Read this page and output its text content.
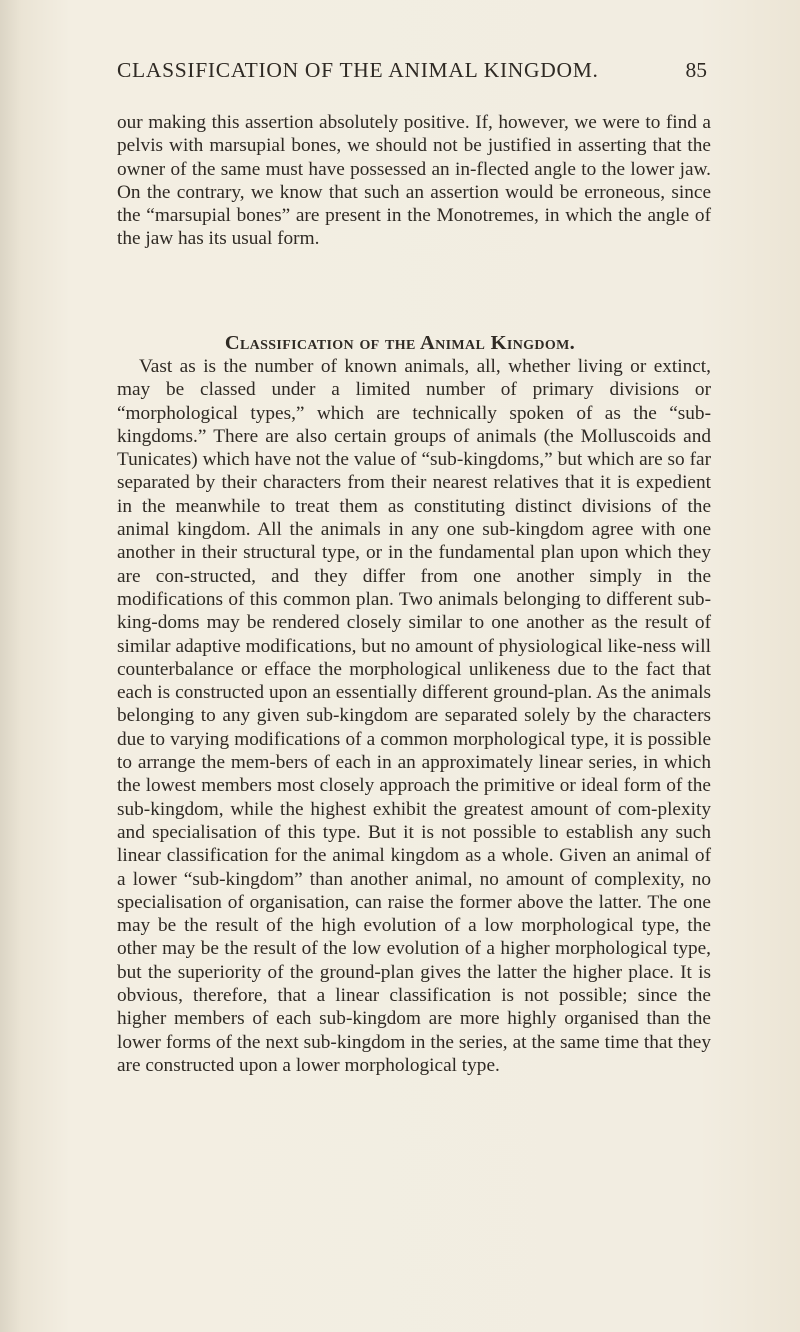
CLASSIFICATION OF THE ANIMAL KINGDOM.	85

our making this assertion absolutely positive. If, however, we were to find a pelvis with marsupial bones, we should not be justified in asserting that the owner of the same must have possessed an in-flected angle to the lower jaw. On the contrary, we know that such an assertion would be erroneous, since the “marsupial bones” are present in the Monotremes, in which the angle of the jaw has its usual form.

Classification of the Animal Kingdom.

Vast as is the number of known animals, all, whether living or extinct, may be classed under a limited number of primary divisions or “morphological types,” which are technically spoken of as the “sub-kingdoms.” There are also certain groups of animals (the Molluscoids and Tunicates) which have not the value of “sub-kingdoms,” but which are so far separated by their characters from their nearest relatives that it is expedient in the meanwhile to treat them as constituting distinct divisions of the animal kingdom. All the animals in any one sub-kingdom agree with one another in their structural type, or in the fundamental plan upon which they are con-structed, and they differ from one another simply in the modifications of this common plan. Two animals belonging to different sub-king-doms may be rendered closely similar to one another as the result of similar adaptive modifications, but no amount of physiological like-ness will counterbalance or efface the morphological unlikeness due to the fact that each is constructed upon an essentially different ground-plan. As the animals belonging to any given sub-kingdom are separated solely by the characters due to varying modifications of a common morphological type, it is possible to arrange the mem-bers of each in an approximately linear series, in which the lowest members most closely approach the primitive or ideal form of the sub-kingdom, while the highest exhibit the greatest amount of com-plexity and specialisation of this type. But it is not possible to establish any such linear classification for the animal kingdom as a whole. Given an animal of a lower “sub-kingdom” than another animal, no amount of complexity, no specialisation of organisation, can raise the former above the latter. The one may be the result of the high evolution of a low morphological type, the other may be the result of the low evolution of a higher morphological type, but the superiority of the ground-plan gives the latter the higher place. It is obvious, therefore, that a linear classification is not possible; since the higher members of each sub-kingdom are more highly organised than the lower forms of the next sub-kingdom in the series, at the same time that they are constructed upon a lower morphological type.
